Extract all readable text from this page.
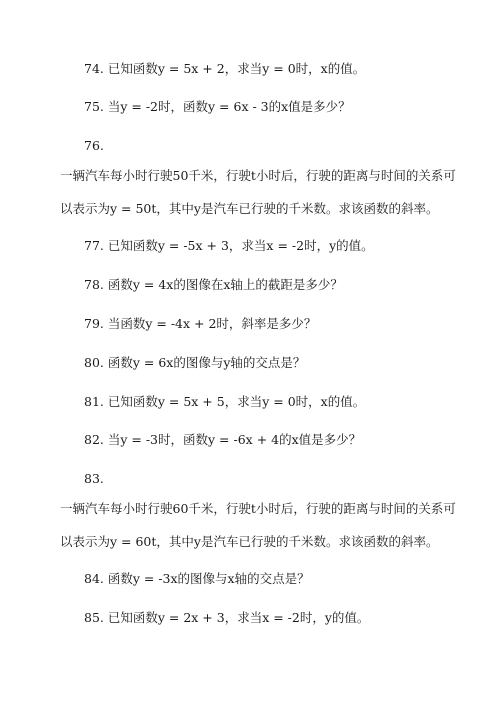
74. 已知函数y = 5x + 2，求当y = 0时，x的值。
75. 当y = -2时，函数y = 6x - 3的x值是多少？
76.
一辆汽车每小时行驶50千米，行驶t小时后，行驶的距离与时间的关系可
以表示为y = 50t，其中y是汽车已行驶的千米数。求该函数的斜率。
77. 已知函数y = -5x + 3，求当x = -2时，y的值。
78. 函数y = 4x的图像在x轴上的截距是多少？
79. 当函数y = -4x + 2时，斜率是多少？
80. 函数y = 6x的图像与y轴的交点是？
81. 已知函数y = 5x + 5，求当y = 0时，x的值。
82. 当y = -3时，函数y = -6x + 4的x值是多少？
83.
一辆汽车每小时行驶60千米，行驶t小时后，行驶的距离与时间的关系可
以表示为y = 60t，其中y是汽车已行驶的千米数。求该函数的斜率。
84. 函数y = -3x的图像与x轴的交点是？
85. 已知函数y = 2x + 3，求当x = -2时，y的值。
